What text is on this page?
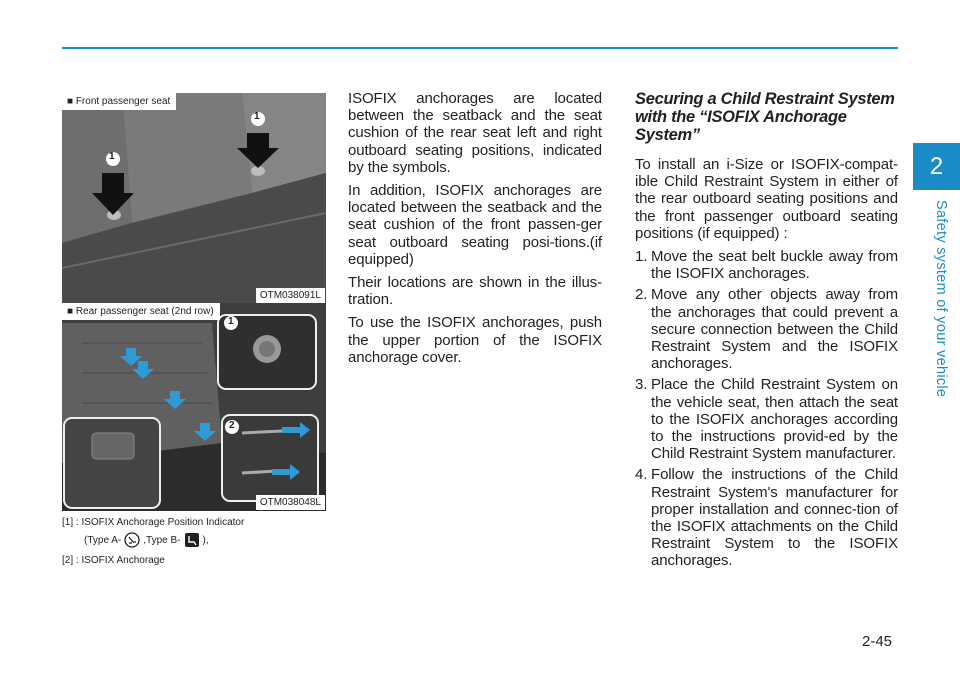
2
Safety system of your vehicle
■ Front passenger seat
OTM038091L
1
1
■ Rear passenger seat (2nd row)
OTM038048L
1
2
[1] : ISOFIX Anchorage Position Indicator
(Type A- ,Type B- ),
[2] : ISOFIX Anchorage

ISOFIX anchorages are located between the seatback and the seat cushion of the rear seat left and right outboard seating positions, indicated by the symbols.

In addition, ISOFIX anchorages are located between the seatback and the seat cushion of the front passen-ger seat outboard seating posi-tions.(if equipped)

Their locations are shown in the illus-tration.

To use the ISOFIX anchorages, push the upper portion of the ISOFIX anchorage cover.

Securing a Child Restraint System with the “ISOFIX Anchorage System”

To install an i-Size or ISOFIX-compat-ible Child Restraint System in either of the rear outboard seating positions and the front passenger outboard seating positions (if equipped) :

1. Move the seat belt buckle away from the ISOFIX anchorages.
2. Move any other objects away from the anchorages that could prevent a secure connection between the Child Restraint System and the ISOFIX anchorages.
3. Place the Child Restraint System on the vehicle seat, then attach the seat to the ISOFIX anchorages according to the instructions provid-ed by the Child Restraint System manufacturer.
4. Follow the instructions of the Child Restraint System's manufacturer for proper installation and connec-tion of the ISOFIX attachments on the Child Restraint System to the ISOFIX anchorages.
2-45
